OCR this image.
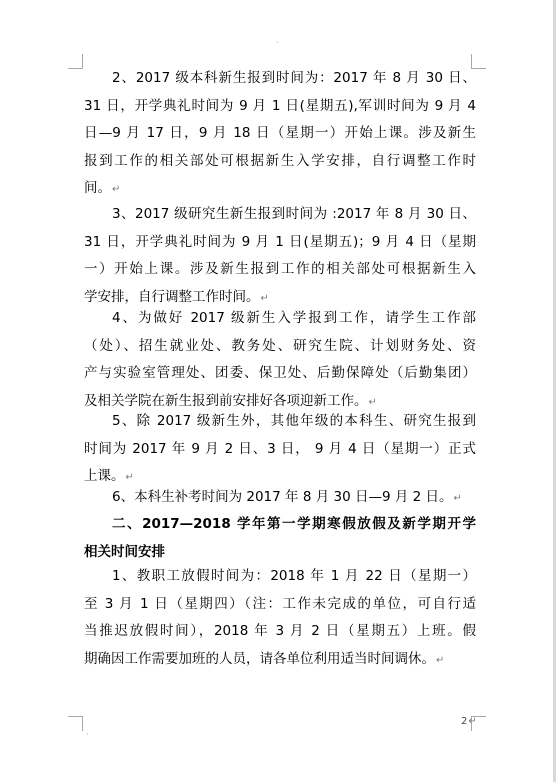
·
·
2↵
2、2017 级本科新生报到时间为：2017 年 8 月 30 日、
31 日，开学典礼时间为 9 月 1 日(星期五),军训时间为 9 月 4
日—9 月 17 日，9 月 18 日（星期一）开始上课。涉及新生
报到工作的相关部处可根据新生入学安排，自行调整工作时
间。↵
3、2017 级研究生新生报到时间为 :2017 年 8 月 30 日、
31 日，开学典礼时间为 9 月 1 日(星期五)；9 月 4 日（星期
一）开始上课。涉及新生报到工作的相关部处可根据新生入
学安排，自行调整工作时间。↵
4、为做好 2017 级新生入学报到工作，请学生工作部
（处）、招生就业处、教务处、研究生院、计划财务处、资
产与实验室管理处、团委、保卫处、后勤保障处（后勤集团）
及相关学院在新生报到前安排好各项迎新工作。↵
5、除 2017 级新生外，其他年级的本科生、研究生报到
时间为 2017 年 9 月 2 日、3 日， 9 月 4 日（星期一）正式
上课。↵
6、本科生补考时间为 2017 年 8 月 30 日—9 月 2 日。↵
二、2017—2018 学年第一学期寒假放假及新学期开学
相关时间安排
1、教职工放假时间为：2018 年 1 月 22 日（星期一）
至 3 月 1 日（星期四）（注：工作未完成的单位，可自行适
当推迟放假时间），2018 年 3 月 2 日（星期五）上班。假
期确因工作需要加班的人员，请各单位利用适当时间调休。↵
